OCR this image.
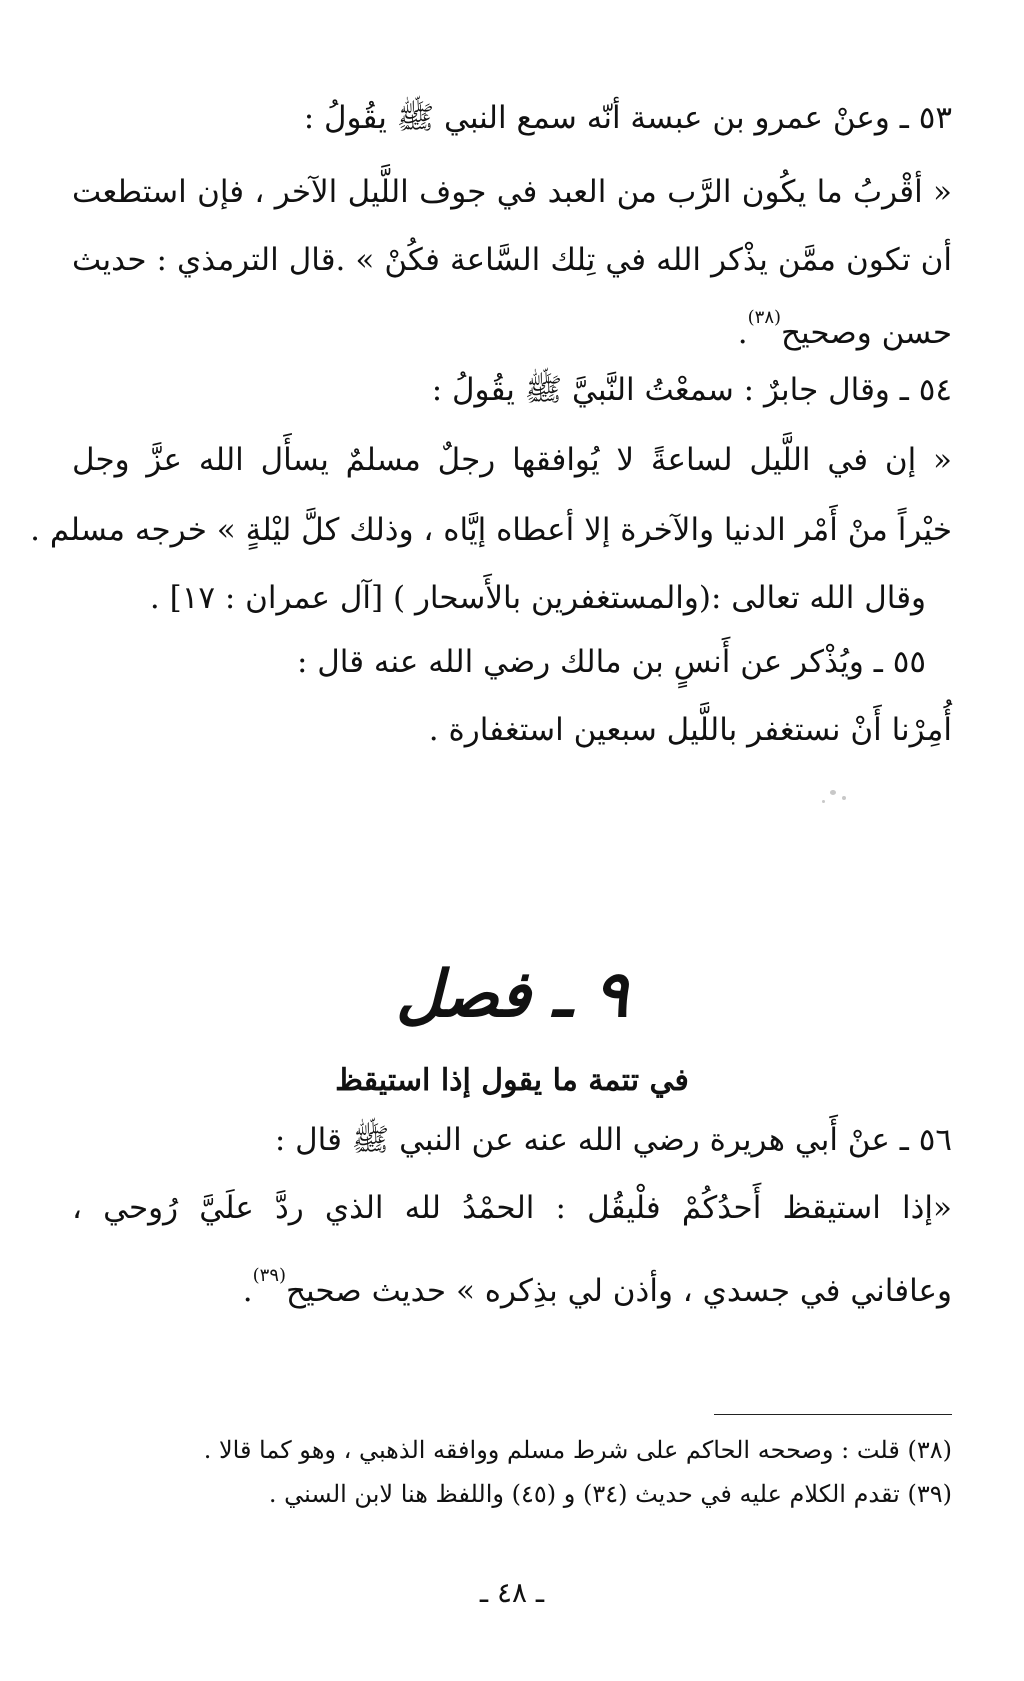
٥٣ ـ وعنْ عمرو بن عبسة أنّه سمع النبي ﷺ يقُولُ :
« أقْربُ ما يكُون الرَّب من العبد في جوف اللَّيل الآخر ، فإن استطعت
أن تكون ممَّن يذْكر الله في تِلك السَّاعة فكُنْ » .قال الترمذي : حديث
حسن وصحيح$^{(٣٨)}$.
٥٤ ـ وقال جابرٌ : سمعْتُ النَّبيَّ ﷺ يقُولُ :
« إن في اللَّيل لساعةً لا يُوافقها رجلٌ مسلمٌ يسأَل الله عزَّ وجل
خيْراً منْ أَمْر الدنيا والآخرة إلا أعطاه إيَّاه ، وذلك كلَّ ليْلةٍ » خرجه مسلم .
وقال الله تعالى :(والمستغفرين بالأَسحار ) [آل عمران : ١٧] .
٥٥ ـ ويُذْكر عن أَنسٍ بن مالك رضي الله عنه قال :
أُمِرْنا أَنْ نستغفر باللَّيل سبعين استغفارة .
٩ ـ فصل
في تتمة ما يقول إذا استيقظ
٥٦ ـ عنْ أَبي هريرة رضي الله عنه عن النبي ﷺ قال :
«إذا استيقظ أَحدُكُمْ فلْيقُل : الحمْدُ لله الذي ردَّ علَيَّ رُوحي ،
وعافاني في جسدي ، وأذن لي بذِكره » حديث صحيح$^{(٣٩)}$.
(٣٨) قلت : وصححه الحاكم على شرط مسلم ووافقه الذهبي ، وهو كما قالا .
(٣٩) تقدم الكلام عليه في حديث (٣٤) و (٤٥) واللفظ هنا لابن السني .
ـ ٤٨ ـ
